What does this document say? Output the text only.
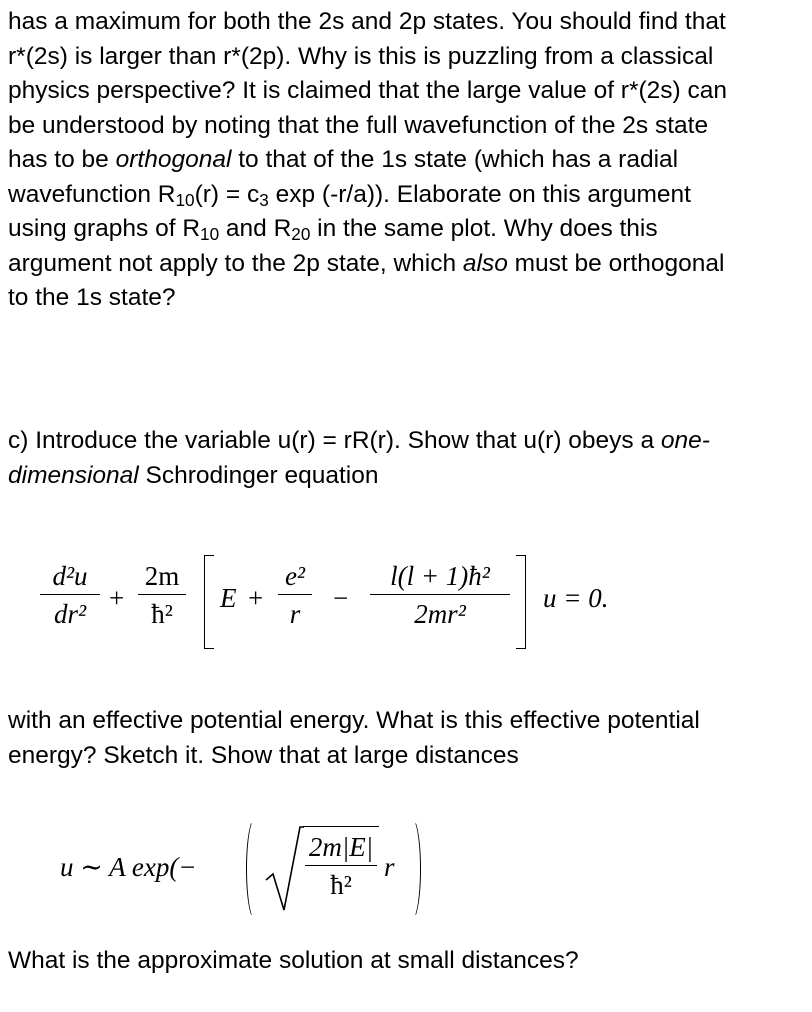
has a maximum for both the 2s and 2p states. You should find that
r*(2s) is larger than r*(2p). Why is this is puzzling from a classical
physics perspective? It is claimed that the large value of r*(2s) can
be understood by noting that the full wavefunction of the 2s state
has to be orthogonal to that of the 1s state (which has a radial
wavefunction $R_{10}(r) = c_3$ exp (-r/a)). Elaborate on this argument
using graphs of $R_{10}$ and $R_{20}$ in the same plot. Why does this
argument not apply to the 2p state, which also must be orthogonal
to the 1s state?

c) Introduce the variable u(r) = rR(r). Show that u(r) obeys a one-
dimensional Schrodinger equation

d²u
dr²
+
2m
ħ²
E +
e²
r
−
l(l + 1)ħ²
2mr²
u = 0.

with an effective potential energy. What is this effective potential
energy? Sketch it. Show that at large distances

u ∼ A exp(−
2m|E|
ħ²
r

What is the approximate solution at small distances?
